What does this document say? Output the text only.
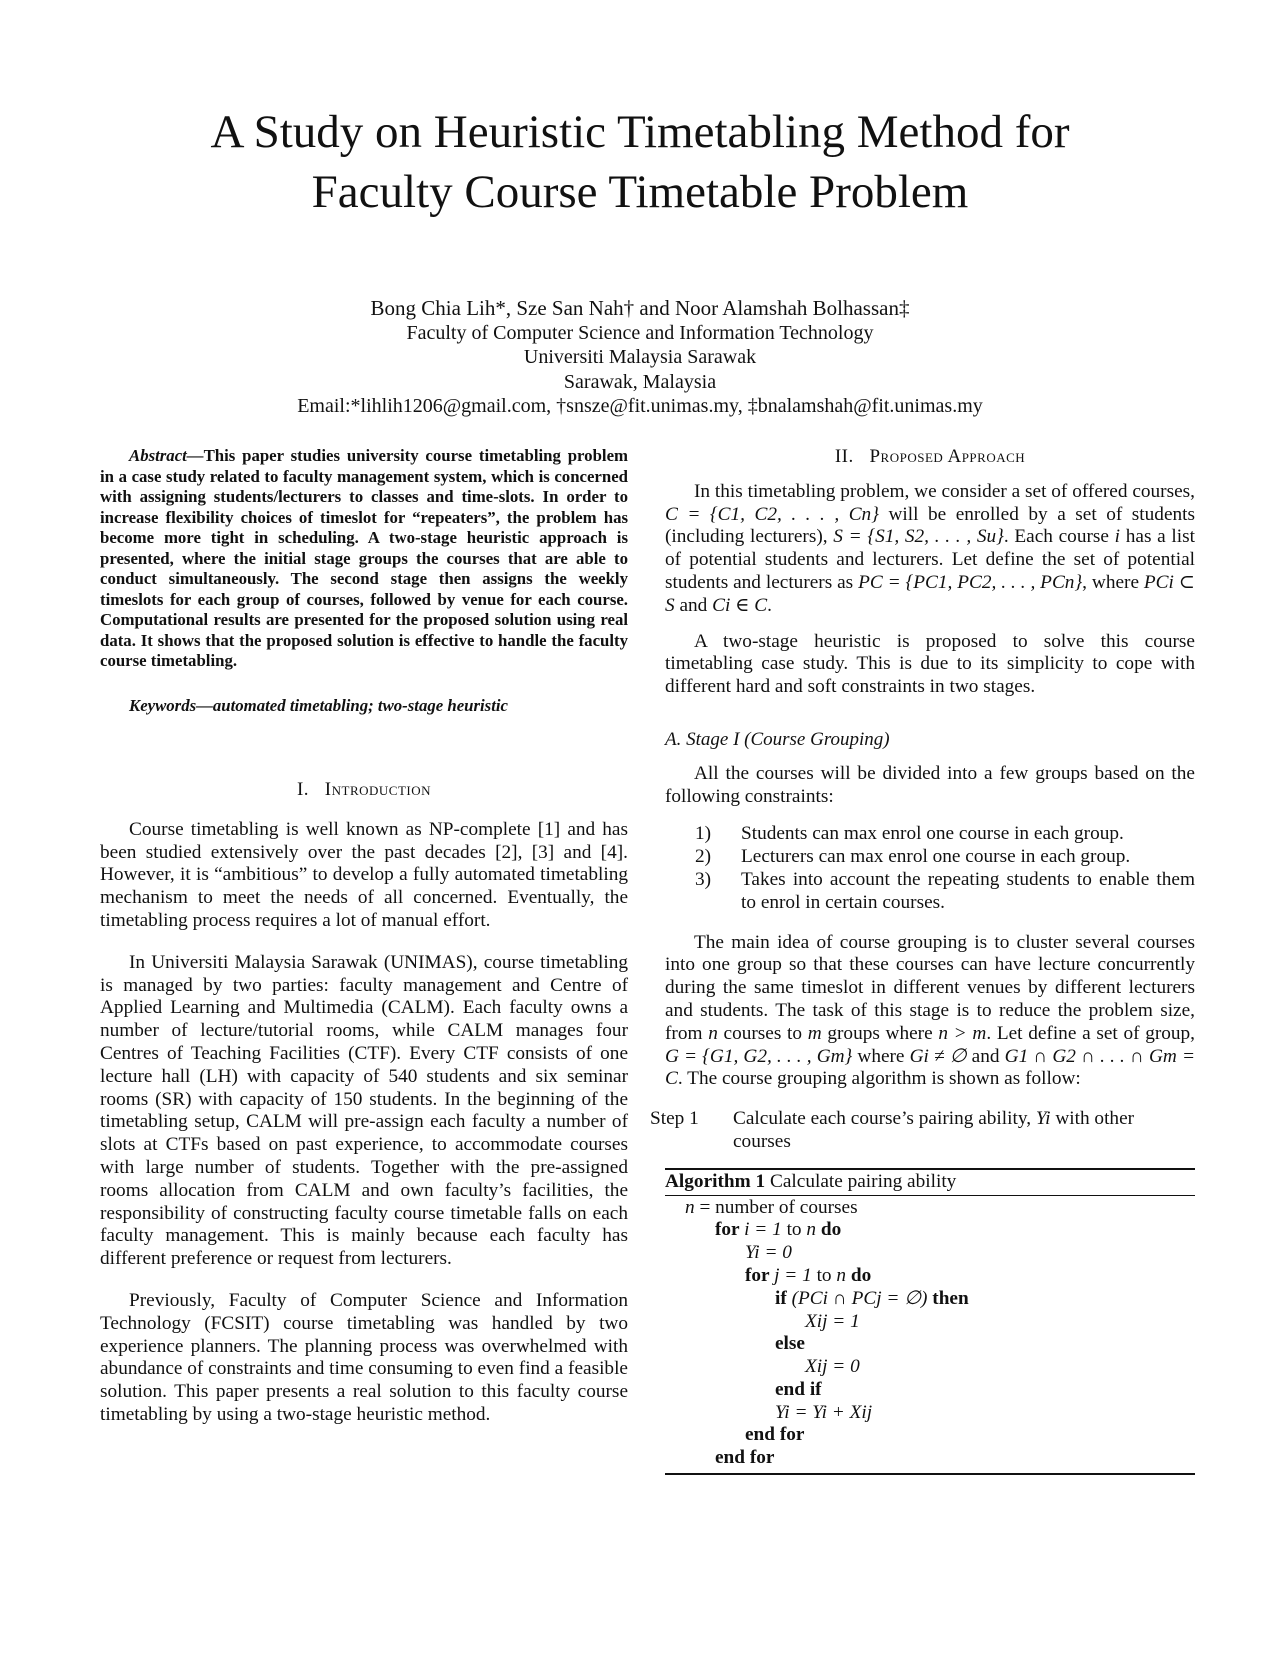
A Study on Heuristic Timetabling Method for
Faculty Course Timetable Problem
Bong Chia Lih*, Sze San Nah† and Noor Alamshah Bolhassan‡
Faculty of Computer Science and Information Technology
Universiti Malaysia Sarawak
Sarawak, Malaysia
Email:*lihlih1206@gmail.com, †snsze@fit.unimas.my, ‡bnalamshah@fit.unimas.my

Abstract—This paper studies university course timetabling problem in a case study related to faculty management system, which is concerned with assigning students/lecturers to classes and time-slots. In order to increase flexibility choices of timeslot for “repeaters”, the problem has become more tight in scheduling. A two-stage heuristic approach is presented, where the initial stage groups the courses that are able to conduct simultaneously. The second stage then assigns the weekly timeslots for each group of courses, followed by venue for each course. Computational results are presented for the proposed solution using real data. It shows that the proposed solution is effective to handle the faculty course timetabling.

Keywords—automated timetabling; two-stage heuristic

I. Introduction

Course timetabling is well known as NP-complete [1] and has been studied extensively over the past decades [2], [3] and [4]. However, it is “ambitious” to develop a fully automated timetabling mechanism to meet the needs of all concerned. Eventually, the timetabling process requires a lot of manual effort.

In Universiti Malaysia Sarawak (UNIMAS), course timetabling is managed by two parties: faculty management and Centre of Applied Learning and Multimedia (CALM). Each faculty owns a number of lecture/tutorial rooms, while CALM manages four Centres of Teaching Facilities (CTF). Every CTF consists of one lecture hall (LH) with capacity of 540 students and six seminar rooms (SR) with capacity of 150 students. In the beginning of the timetabling setup, CALM will pre-assign each faculty a number of slots at CTFs based on past experience, to accommodate courses with large number of students. Together with the pre-assigned rooms allocation from CALM and own faculty’s facilities, the responsibility of constructing faculty course timetable falls on each faculty management. This is mainly because each faculty has different preference or request from lecturers.

Previously, Faculty of Computer Science and Information Technology (FCSIT) course timetabling was handled by two experience planners. The planning process was overwhelmed with abundance of constraints and time consuming to even find a feasible solution. This paper presents a real solution to this faculty course timetabling by using a two-stage heuristic method.

II. Proposed Approach

In this timetabling problem, we consider a set of offered courses, C = {C1, C2, . . . , Cn} will be enrolled by a set of students (including lecturers), S = {S1, S2, . . . , Su}. Each course i has a list of potential students and lecturers. Let define the set of potential students and lecturers as PC = {PC1, PC2, . . . , PCn}, where PCi ⊂ S and Ci ∈ C.

A two-stage heuristic is proposed to solve this course timetabling case study. This is due to its simplicity to cope with different hard and soft constraints in two stages.

A. Stage I (Course Grouping)

All the courses will be divided into a few groups based on the following constraints:

1) Students can max enrol one course in each group.
2) Lecturers can max enrol one course in each group.
3) Takes into account the repeating students to enable them to enrol in certain courses.

The main idea of course grouping is to cluster several courses into one group so that these courses can have lecture concurrently during the same timeslot in different venues by different lecturers and students. The task of this stage is to reduce the problem size, from n courses to m groups where n > m. Let define a set of group, G = {G1, G2, . . . , Gm} where Gi ≠ ∅ and G1 ∩ G2 ∩ . . . ∩ Gm = C. The course grouping algorithm is shown as follow:

Step 1 Calculate each course’s pairing ability, Yi with other courses
Algorithm 1 Calculate pairing ability
n = number of courses
for i = 1 to n do
Yi = 0
for j = 1 to n do
if (PCi ∩ PCj = ∅) then
Xij = 1
else
Xij = 0
end if
Yi = Yi + Xij
end for
end for
